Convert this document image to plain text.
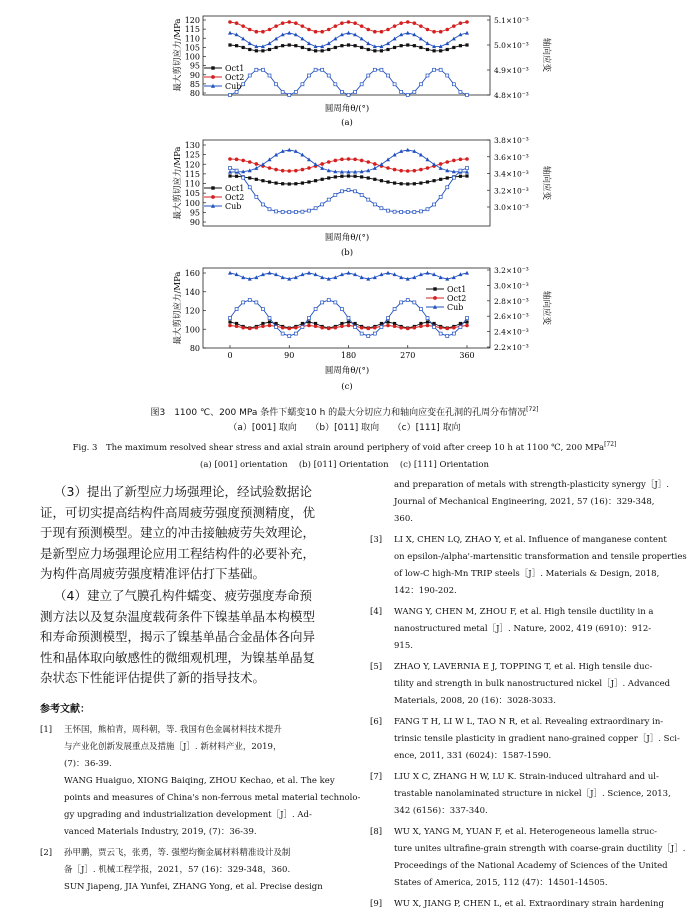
120
115
110
105
100
95
90
85
80
5.1×10⁻³
5.0×10⁻³
4.9×10⁻³
4.8×10⁻³
最大剪切应力/MPa	轴向应变
圆周角θ/(°)
(a)
Oct1
Oct2
Cub
130
125
120
115
110
105
100
95
90
3.8×10⁻³
3.6×10⁻³
3.4×10⁻³
3.2×10⁻³
3.0×10⁻³
最大剪切应力/MPa	轴向应变
圆周角θ/(°)
(b)
Oct1
Oct2
Cub
160
140
120
100
80
3.2×10⁻³
3.0×10⁻³
2.8×10⁻³
2.6×10⁻³
2.4×10⁻³
2.2×10⁻³
0	90	180	270	360
最大剪切应力/MPa	轴向应变
圆周角θ/(°)
(c)
Oct1
Oct2
Cub
图3　1100 ℃、200 MPa 条件下蠕变10 h 的最大分切应力和轴向应变在孔洞的孔周分布情况[72]
（a）[001] 取向　　（b）[011] 取向　　（c）[111] 取向
Fig. 3　The maximum resolved shear stress and axial strain around periphery of void after creep 10 h at 1100 ℃, 200 MPa[72]
(a) [001] orientation　 (b) [011] Orientation　 (c) [111] Orientation
（3）提出了新型应力场强理论，经试验数据论
证，可切实提高结构件高周疲劳强度预测精度，优
于现有预测模型。建立的冲击接触疲劳失效理论，
是新型应力场强理论应用工程结构件的必要补充，
为构件高周疲劳强度精准评估打下基础。
（4）建立了气膜孔构件蠕变、疲劳强度寿命预
测方法以及复杂温度载荷条件下镍基单晶本构模型
和寿命预测模型，揭示了镍基单晶合金晶体各向异
性和晶体取向敏感性的微细观机理，为镍基单晶复
杂状态下性能评估提供了新的指导技术。
参考文献：
[1] 王怀国，熊柏青，周科朝，等. 我国有色金属材料技术提升
与产业化创新发展重点及措施［J］. 新材料产业，2019，
(7)：36-39.
WANG Huaiguo, XIONG Baiqing, ZHOU Kechao, et al. The key
points and measures of China's non-ferrous metal material technolo-
gy upgrading and industrialization development［J］. Ad-
vanced Materials Industry, 2019, (7)：36-39.
[2] 孙甲鹏，贾云飞，张勇，等. 强塑均衡金属材料精准设计及制
备［J］. 机械工程学报，2021，57 (16)：329-348，360.
SUN Jiapeng, JIA Yunfei, ZHANG Yong, et al. Precise design
and preparation of metals with strength-plasticity synergy［J］.
Journal of Mechanical Engineering, 2021, 57 (16)：329-348,
360.
[3] LI X, CHEN LQ, ZHAO Y, et al. Influence of manganese content
on epsilon-/alpha'-martensitic transformation and tensile properties
of low-C high-Mn TRIP steels［J］. Materials & Design, 2018,
142：190-202.
[4] WANG Y, CHEN M, ZHOU F, et al. High tensile ductility in a
nanostructured metal［J］. Nature, 2002, 419 (6910)：912-
915.
[5] ZHAO Y, LAVERNIA E J, TOPPING T, et al. High tensile duc-
tility and strength in bulk nanostructured nickel［J］. Advanced
Materials, 2008, 20 (16)：3028-3033.
[6] FANG T H, LI W L, TAO N R, et al. Revealing extraordinary in-
trinsic tensile plasticity in gradient nano-grained copper［J］. Sci-
ence, 2011, 331 (6024)：1587-1590.
[7] LIU X C, ZHANG H W, LU K. Strain-induced ultrahard and ul-
trastable nanolaminated structure in nickel［J］. Science, 2013,
342 (6156)：337-340.
[8] WU X, YANG M, YUAN F, et al. Heterogeneous lamella struc-
ture unites ultrafine-grain strength with coarse-grain ductility［J］.
Proceedings of the National Academy of Sciences of the United
States of America, 2015, 112 (47)：14501-14505.
[9] WU X, JIANG P, CHEN L, et al. Extraordinary strain hardening
